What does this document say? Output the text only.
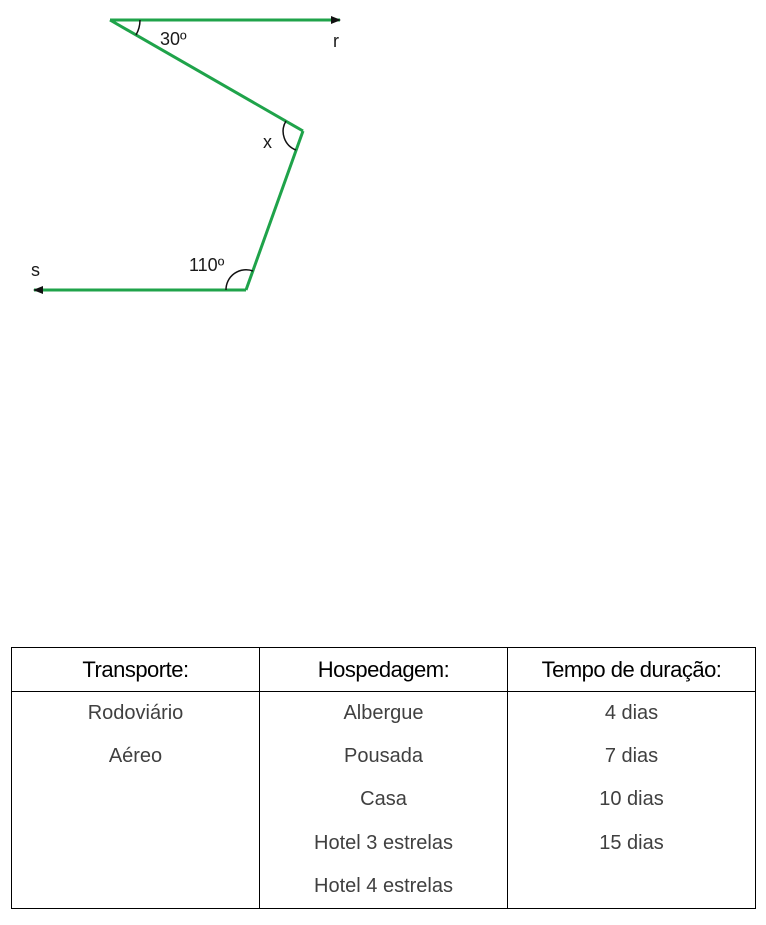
30º	r
x
s	110º
Transporte:	Hospedagem:	Tempo de duração:
Rodoviário	Albergue	4 dias
Aéreo	Pousada	7 dias
	Casa	10 dias
	Hotel 3 estrelas	15 dias
	Hotel 4 estrelas	
